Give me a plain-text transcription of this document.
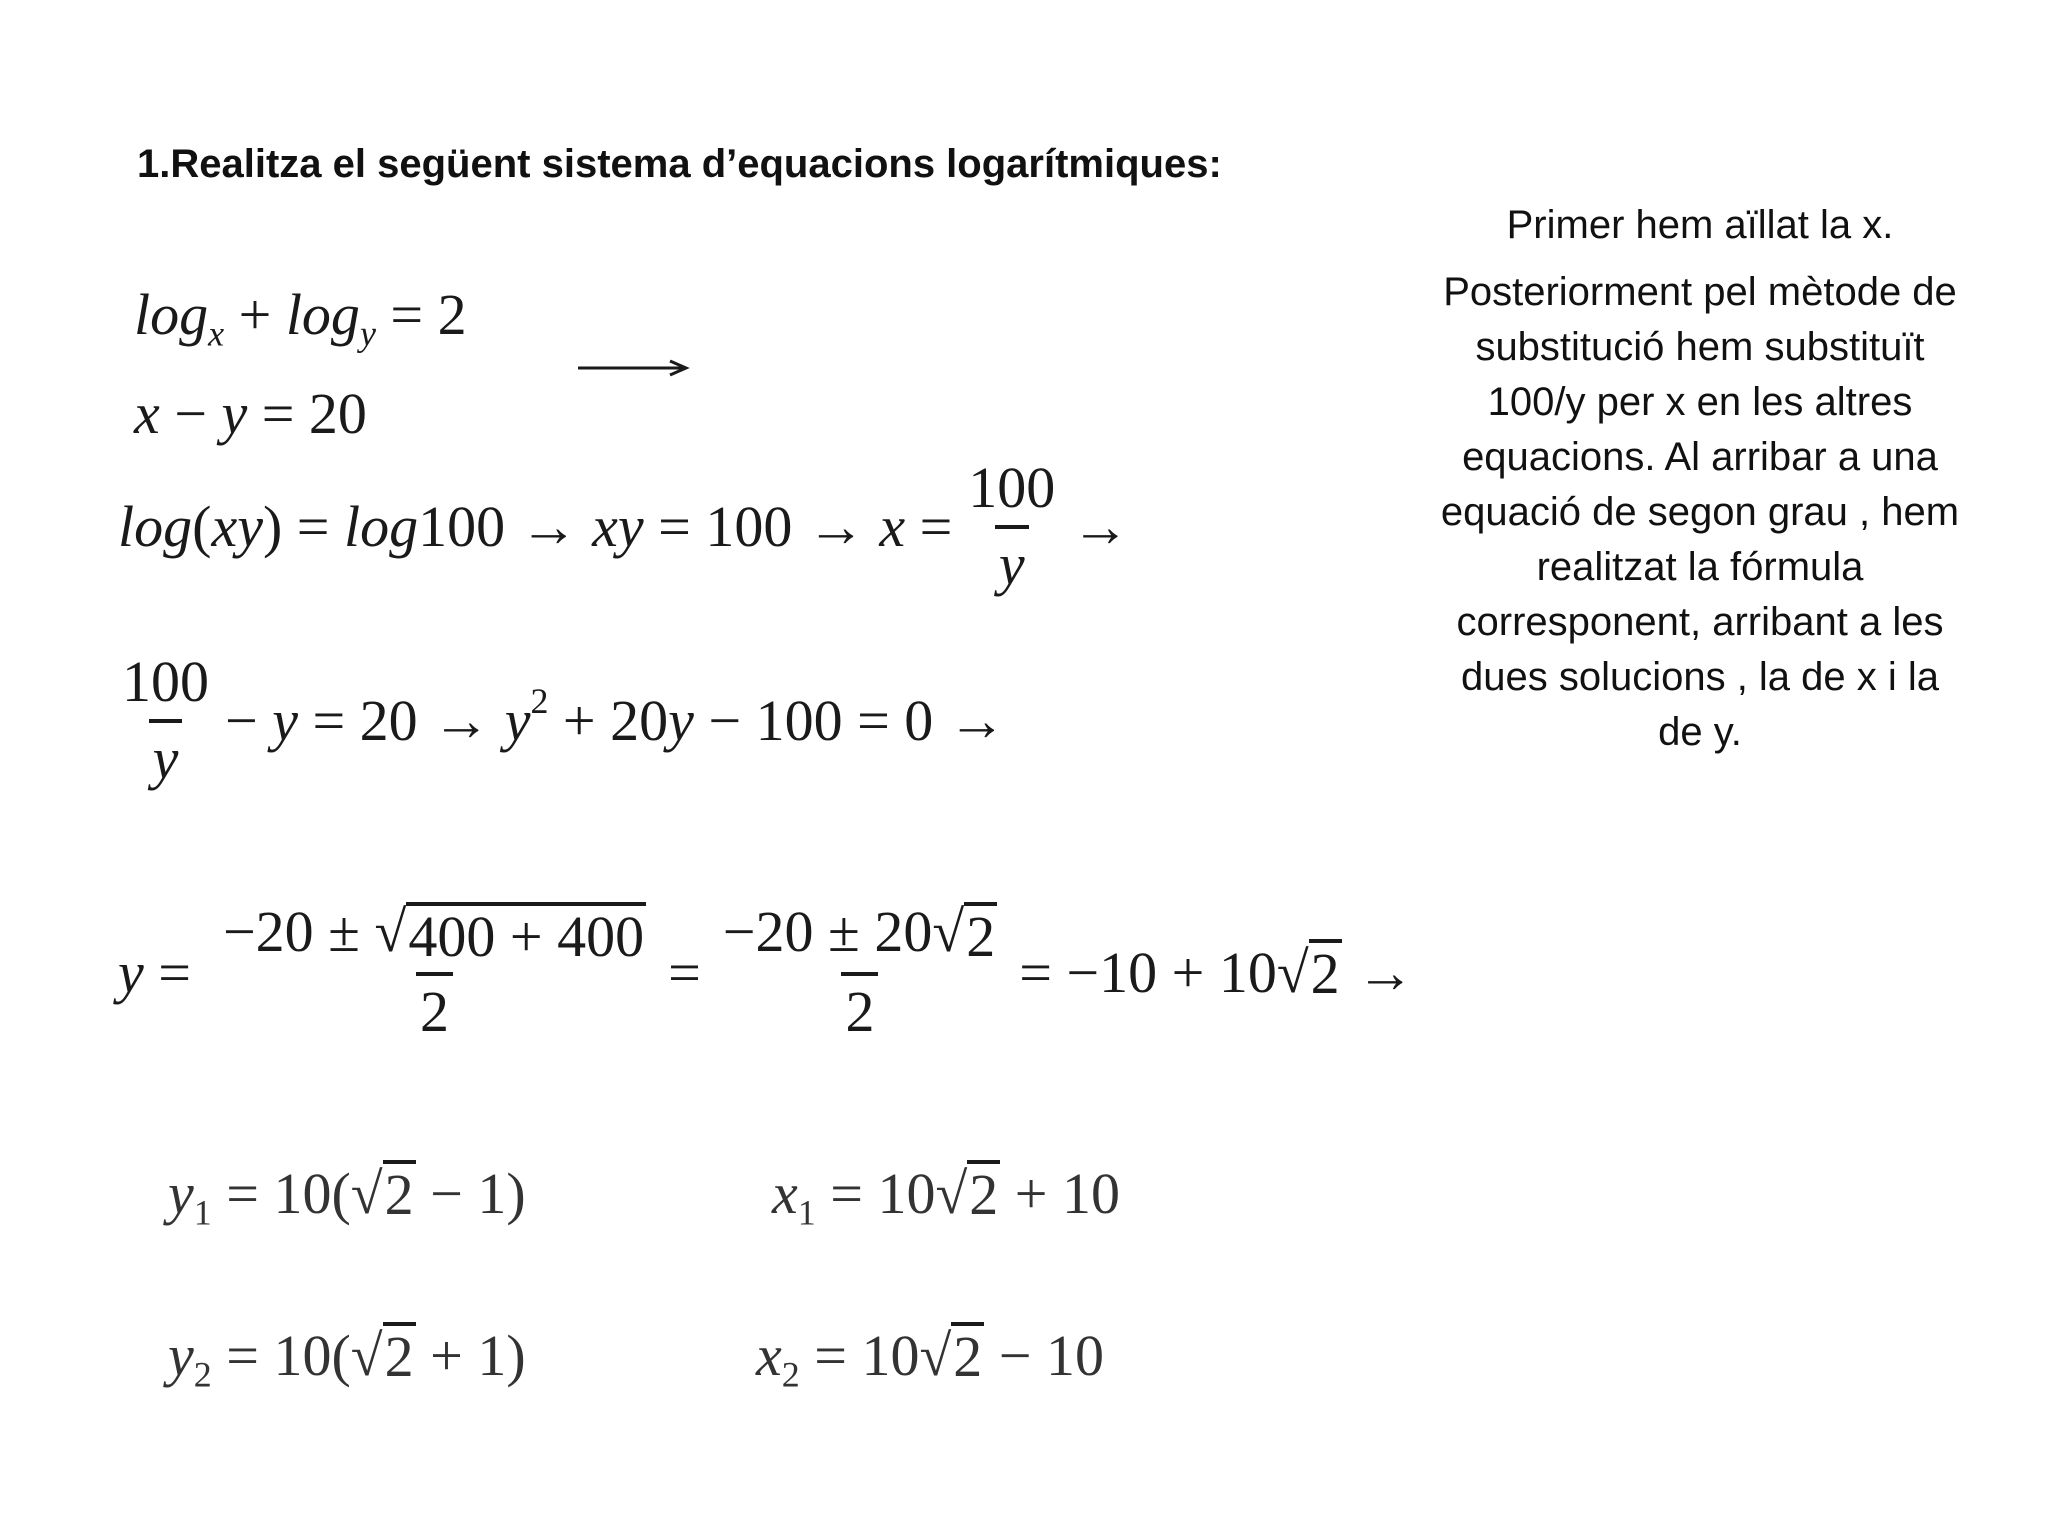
1.Realitza el següent sistema d’equacions logarítmiques:

Primer hem aïllat la x.

Posteriorment pel mètode de substitució hem substituït 100/y per x en les altres equacions. Al arribar a una equació de segon grau , hem realitzat la fórmula corresponent, arribant a les dues solucions , la de x i la de y.

$\log_x + \log_y = 2$
x − y = 20
log(xy) = log100 → xy = $100 \to x = \frac{100}{y}$ →
$\frac{100}{y} - y = 20 \to y^2 + 20y - 100 = 0$ →
$y = \frac{-20 \pm √ 400 + 400}{2} = \frac{-20 \pm 20 √ 2}{2} = -10 + 10$ √ 2 →
$y_1 = 10$( √ 2 − 1)	$x_1 = 10$ √ 2 + 10
$y_2 = 10$( √ 2 + 1)	$x_2 = 10$ √ 2 − 10
